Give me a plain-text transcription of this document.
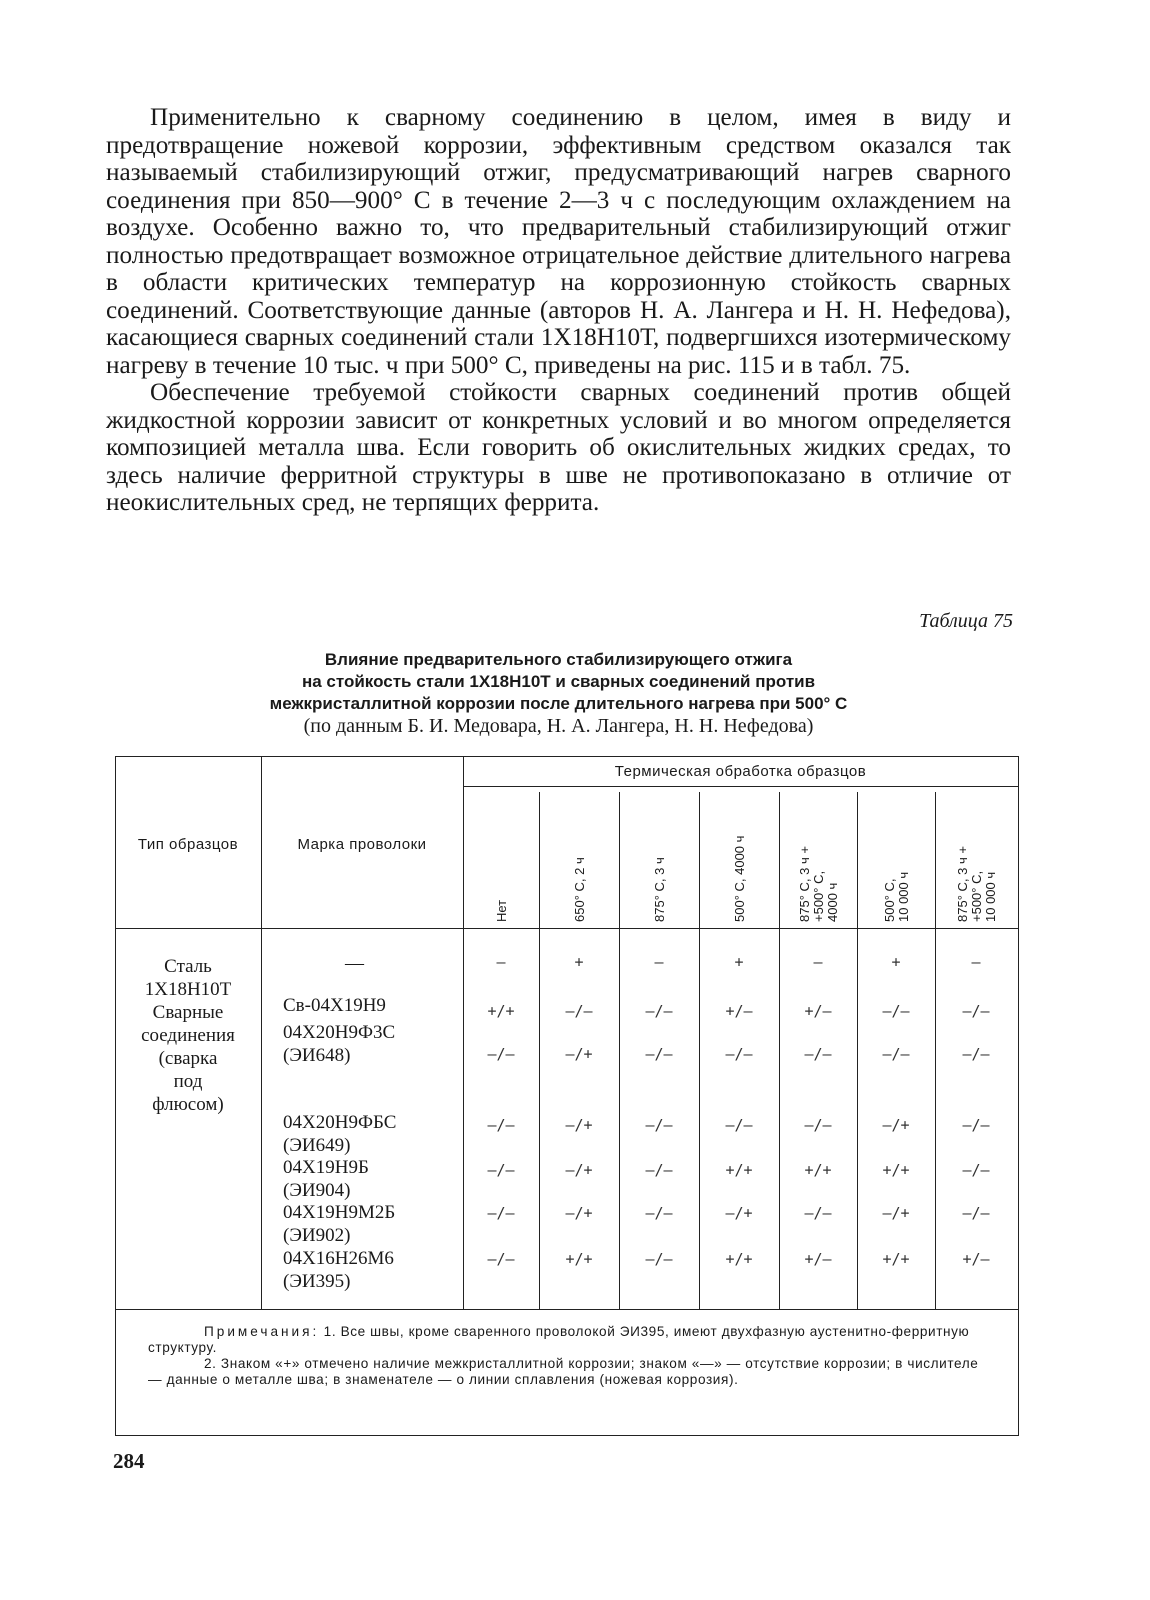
Применительно к сварному соединению в целом, имея в виду и предотвращение ножевой коррозии, эффективным средством оказался так называемый стабилизирующий отжиг, предусматривающий нагрев сварного соединения при 850—900° С в течение 2—3 ч с последующим охлаждением на воздухе. Особенно важно то, что предварительный стабилизирующий отжиг полностью предотвращает возможное отрицательное действие длительного нагрева в области критических температур на коррозионную стойкость сварных соединений. Соответствующие данные (авторов Н. А. Лангера и Н. Н. Нефедова), касающиеся сварных соединений стали 1Х18Н10Т, подвергшихся изотермическому нагреву в течение 10 тыс. ч при 500° С, приведены на рис. 115 и в табл. 75.

Обеспечение требуемой стойкости сварных соединений против общей жидкостной коррозии зависит от конкретных условий и во многом определяется композицией металла шва. Если говорить об окислительных жидких средах, то здесь наличие ферритной структуры в шве не противопоказано в отличие от неокислительных сред, не терпящих феррита.

Таблица 75
Влияние предварительного стабилизирующего отжига
на стойкость стали 1Х18Н10Т и сварных соединений против
межкристаллитной коррозии после длительного нагрева при 500° С
(по данным Б. И. Медовара, Н. А. Лангера, Н. Н. Нефедова)
Тип образцов	Марка проволоки
Термическая обработка образцов
Нет	650° С, 2 ч	875° С, 3 ч	500° С, 4000 ч	875° С, 3 ч + +500° С, 4000 ч	500° С, 10 000 ч	875° С, 3 ч + +500° С, 10 000 ч
Сталь
1Х18Н10Т
Сварные
соединения
(сварка
под
флюсом)
—	—	+	—	+	—	+	—
Св-04Х19Н9	+/+	—/—	—/—	+/—	+/—	—/—	—/—
04Х20Н9Ф3С
(ЭИ648)	—/—	—/+	—/—	—/—	—/—	—/—	—/—
04Х20Н9ФБС
(ЭИ649)
—/—	—/+	—/—	—/—	—/—	—/+	—/—
04Х19Н9Б
(ЭИ904)
—/—	—/+	—/—	+/+	+/+	+/+	—/—
04Х19Н9М2Б
(ЭИ902)
—/—	—/+	—/—	—/+	—/—	—/+	—/—
04Х16Н26М6
(ЭИ395)
—/—	+/+	—/—	+/+	+/—	+/+	+/—

Примечания: 1. Все швы, кроме сваренного проволокой ЭИ395, имеют двухфазную аустенитно-ферритную структуру.

2. Знаком «+» отмечено наличие межкристаллитной коррозии; знаком «—» — отсутствие коррозии; в числителе — данные о металле шва; в знаменателе — о линии сплавления (ножевая коррозия).

284
